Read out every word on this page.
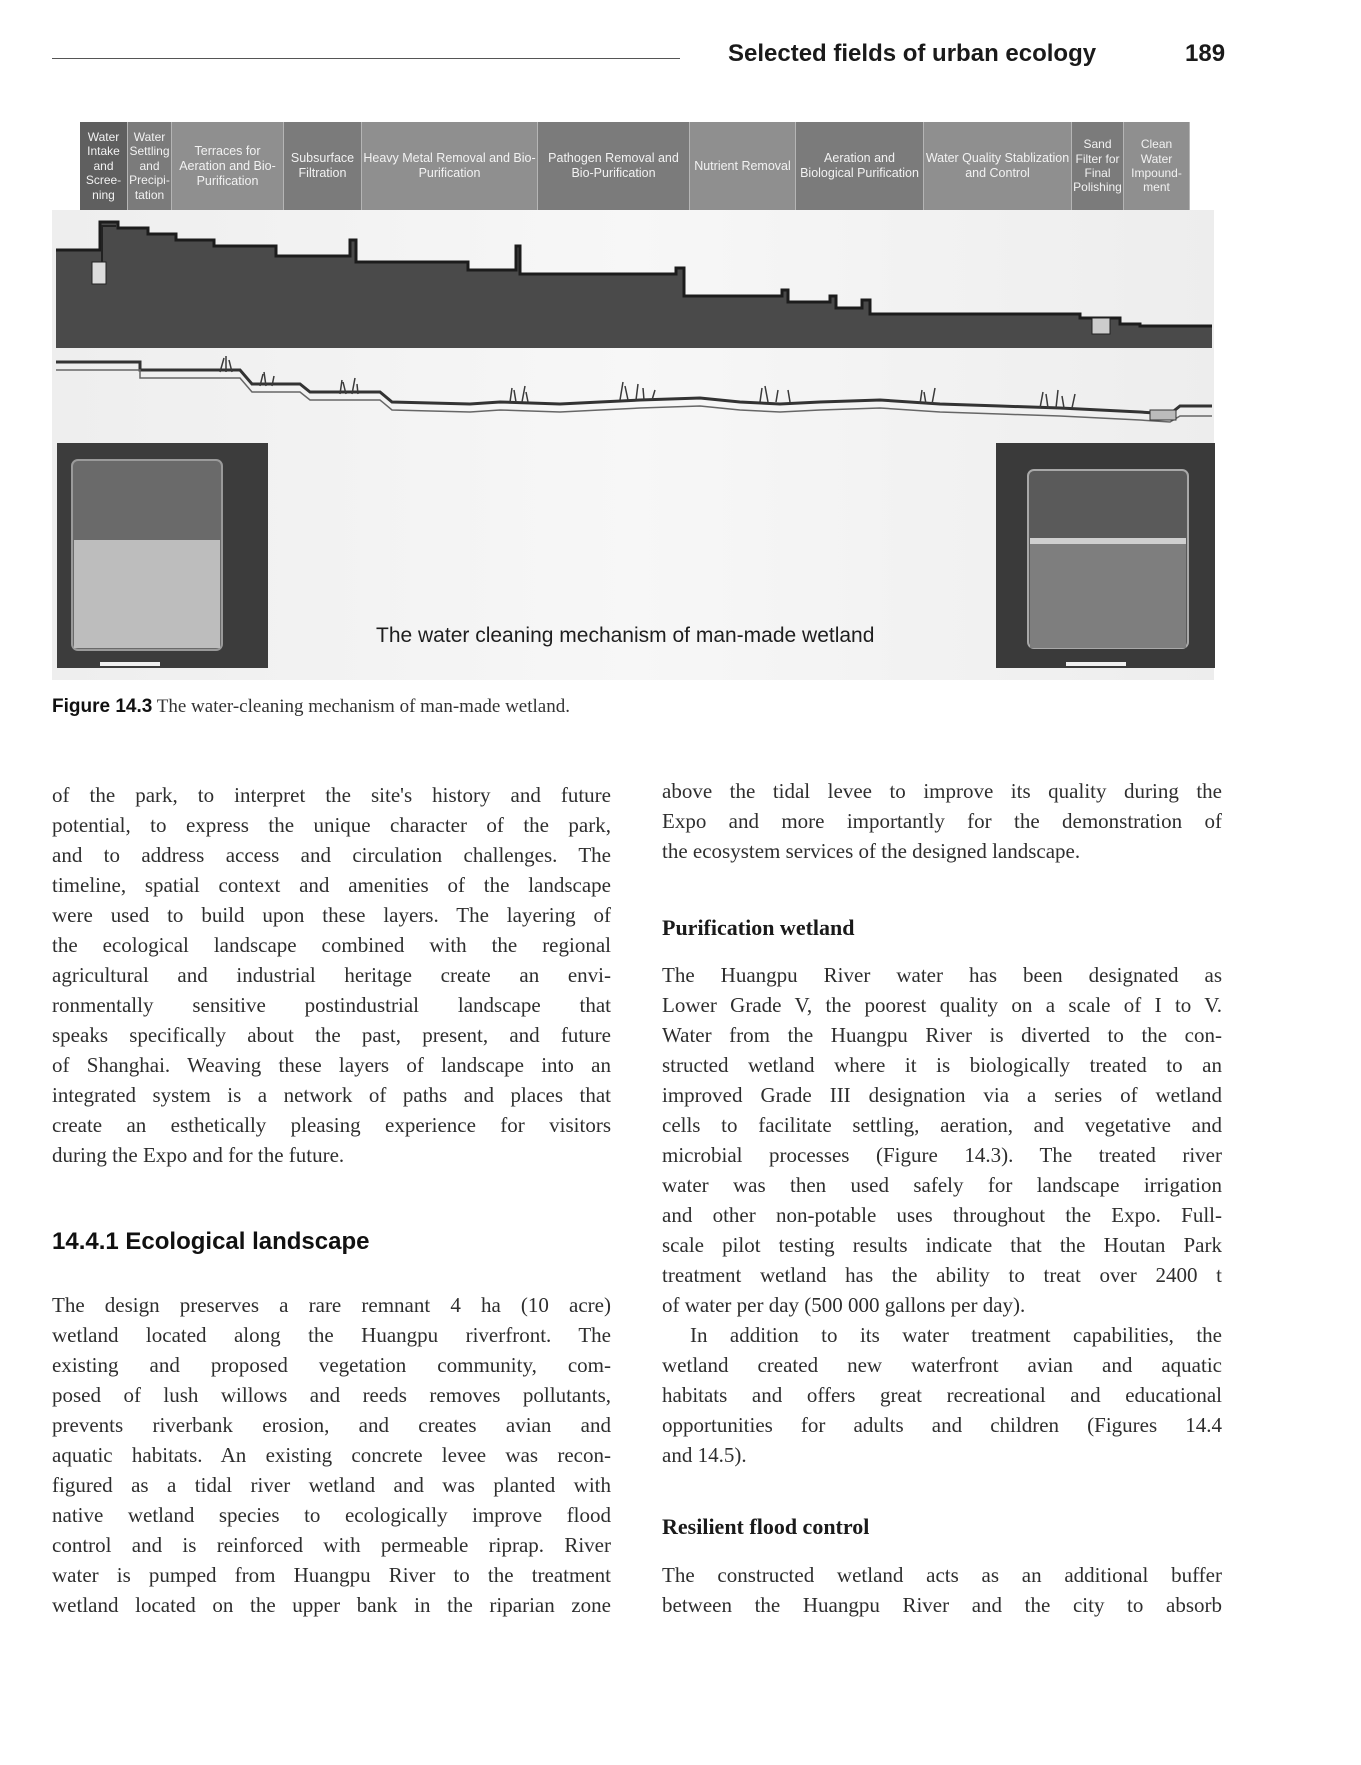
Selected fields of urban ecology	189
Water Intake and Scree-ning
Water Settling and Precipi-tation
Terraces for Aeration and Bio-Purification
Subsurface Filtration
Heavy Metal Removal and Bio-Purification
Pathogen Removal and Bio-Purification
Nutrient Removal
Aeration and Biological Purification
Water Quality Stablization and Control
Sand Filter for Final Polishing
Clean Water Impound-ment
The water cleaning mechanism of man-made wetland
Figure 14.3 The water-cleaning mechanism of man-made wetland.
of the park, to interpret the site's history and future
potential, to express the unique character of the park,
and to address access and circulation challenges. The
timeline, spatial context and amenities of the landscape
were used to build upon these layers. The layering of
the ecological landscape combined with the regional
agricultural and industrial heritage create an envi-
ronmentally sensitive postindustrial landscape that
speaks specifically about the past, present, and future
of Shanghai. Weaving these layers of landscape into an
integrated system is a network of paths and places that
create an esthetically pleasing experience for visitors
during the Expo and for the future.
14.4.1 Ecological landscape
The design preserves a rare remnant 4 ha (10 acre)
wetland located along the Huangpu riverfront. The
existing and proposed vegetation community, com-
posed of lush willows and reeds removes pollutants,
prevents riverbank erosion, and creates avian and
aquatic habitats. An existing concrete levee was recon-
figured as a tidal river wetland and was planted with
native wetland species to ecologically improve flood
control and is reinforced with permeable riprap. River
water is pumped from Huangpu River to the treatment
wetland located on the upper bank in the riparian zone
above the tidal levee to improve its quality during the
Expo and more importantly for the demonstration of
the ecosystem services of the designed landscape.
Purification wetland
The Huangpu River water has been designated as
Lower Grade V, the poorest quality on a scale of I to V.
Water from the Huangpu River is diverted to the con-
structed wetland where it is biologically treated to an
improved Grade III designation via a series of wetland
cells to facilitate settling, aeration, and vegetative and
microbial processes (Figure 14.3). The treated river
water was then used safely for landscape irrigation
and other non-potable uses throughout the Expo. Full-
scale pilot testing results indicate that the Houtan Park
treatment wetland has the ability to treat over 2400 t
of water per day (500 000 gallons per day).
In addition to its water treatment capabilities, the
wetland created new waterfront avian and aquatic
habitats and offers great recreational and educational
opportunities for adults and children (Figures 14.4
and 14.5).
Resilient flood control
The constructed wetland acts as an additional buffer
between the Huangpu River and the city to absorb
